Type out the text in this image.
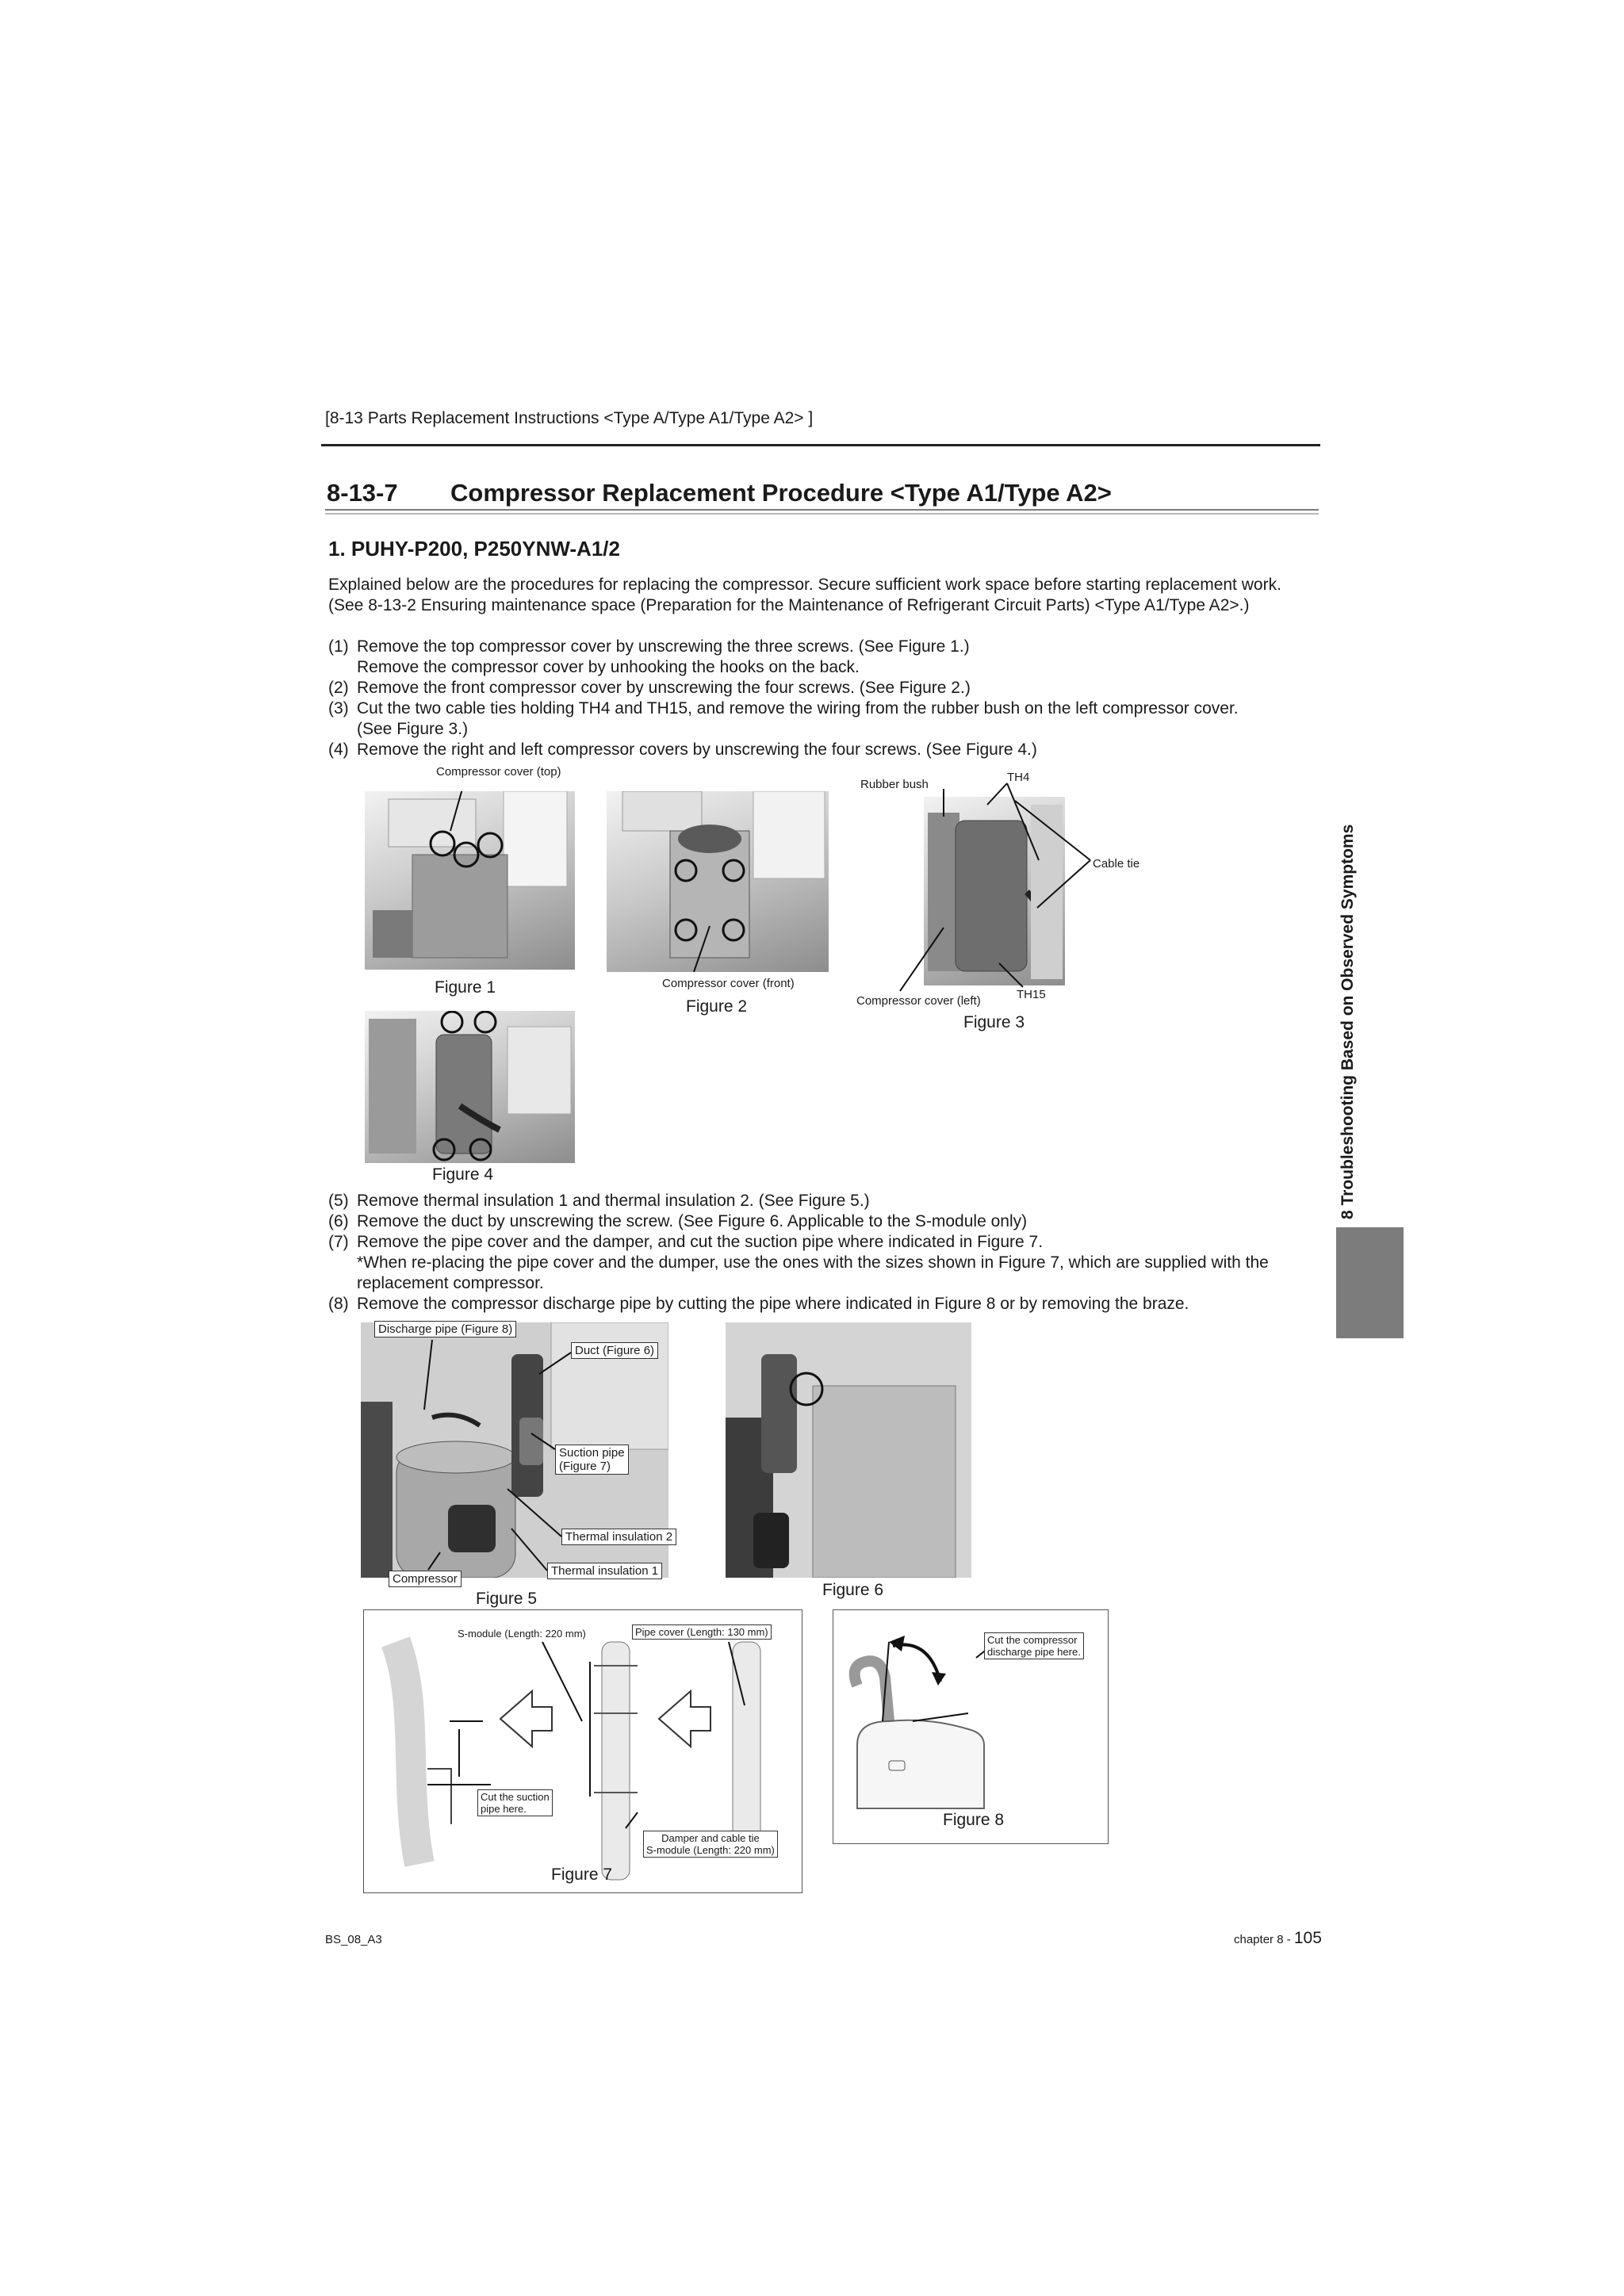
[8-13 Parts Replacement Instructions <Type A/Type A1/Type A2> ]
8-13-7 Compressor Replacement Procedure <Type A1/Type A2>
1. PUHY-P200, P250YNW-A1/2
Explained below are the procedures for replacing the compressor. Secure sufficient work space before starting replacement work. (See 8-13-2 Ensuring maintenance space (Preparation for the Maintenance of Refrigerant Circuit Parts) <Type A1/Type A2>.)
(1) Remove the top compressor cover by unscrewing the three screws. (See Figure 1.)
Remove the compressor cover by unhooking the hooks on the back.
(2) Remove the front compressor cover by unscrewing the four screws. (See Figure 2.)
(3) Cut the two cable ties holding TH4 and TH15, and remove the wiring from the rubber bush on the left compressor cover.
(See Figure 3.)
(4) Remove the right and left compressor covers by unscrewing the four screws. (See Figure 4.)
Compressor cover (top)
Figure 1	Compressor cover (front)
Figure 2
Rubber bush
TH4
Cable tie
Compressor cover (left)	TH15
Figure 3
Figure 4
(5) Remove thermal insulation 1 and thermal insulation 2. (See Figure 5.)
(6) Remove the duct by unscrewing the screw. (See Figure 6. Applicable to the S-module only)
(7) Remove the pipe cover and the damper, and cut the suction pipe where indicated in Figure 7.
*When re-placing the pipe cover and the dumper, use the ones with the sizes shown in Figure 7, which are supplied with the replacement compressor.
(8) Remove the compressor discharge pipe by cutting the pipe where indicated in Figure 8 or by removing the braze.
Discharge pipe (Figure 8)
Duct (Figure 6)
Suction pipe
(Figure 7)
Thermal insulation 2
Thermal insulation 1
Compressor
Figure 5	Figure 6
S-module (Length: 220 mm)	Pipe cover (Length: 130 mm)
Cut the suction
pipe here.
Damper and cable tie
S-module (Length: 220 mm)
Figure 7
Cut the compressor
discharge pipe here.
Figure 8
8 Troubleshooting Based on Observed Symptoms
BS_08_A3	chapter 8 - 105
